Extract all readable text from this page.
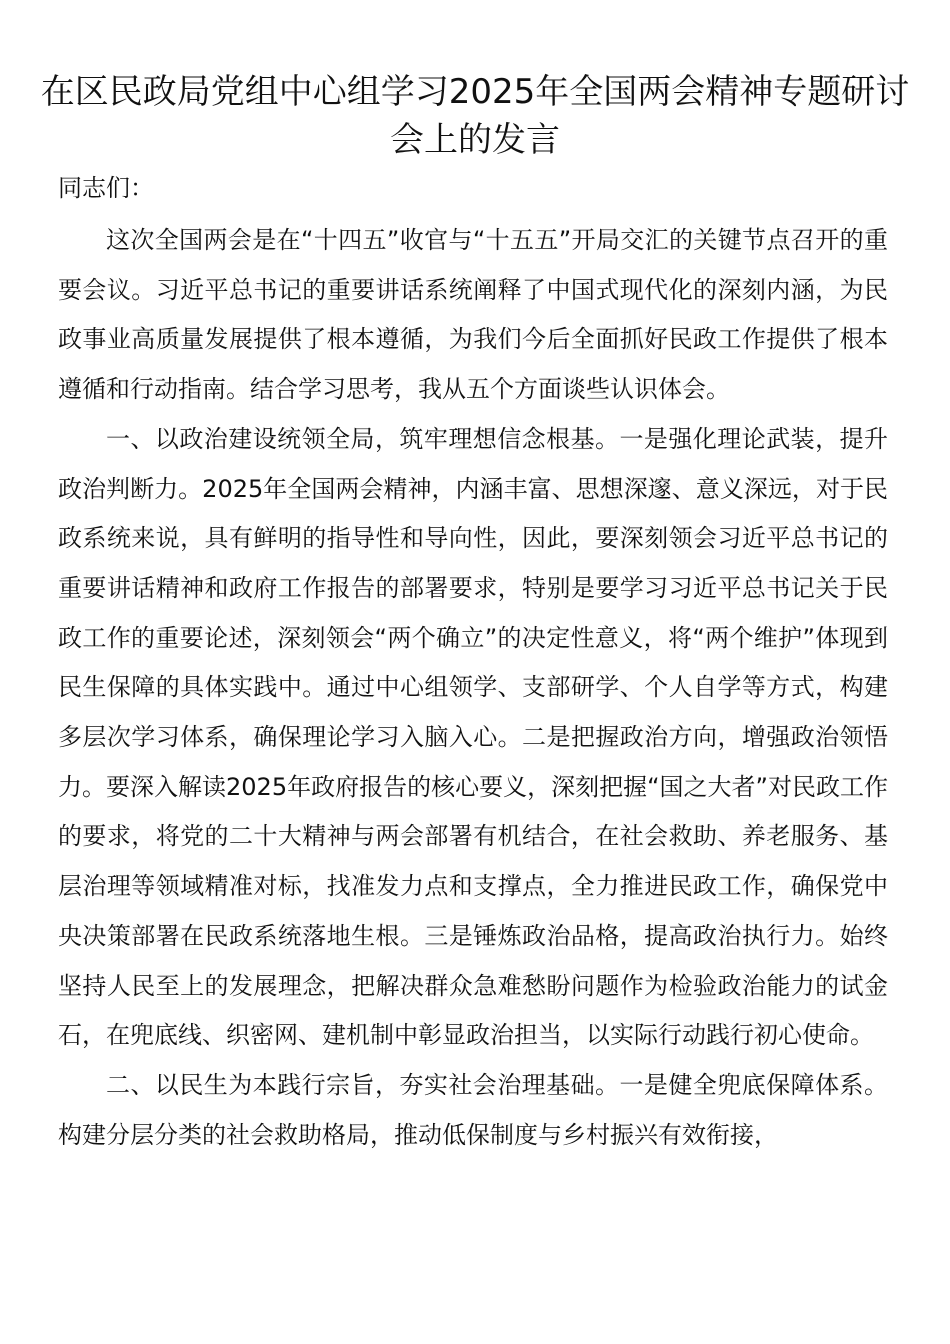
在区民政局党组中心组学习2025年全国两会精神专题研讨会上的发言

同志们：

这次全国两会是在“十四五”收官与“十五五”开局交汇的关键节点召开的重要会议。习近平总书记的重要讲话系统阐释了中国式现代化的深刻内涵，为民政事业高质量发展提供了根本遵循，为我们今后全面抓好民政工作提供了根本遵循和行动指南。结合学习思考，我从五个方面谈些认识体会。

一、以政治建设统领全局，筑牢理想信念根基。一是强化理论武装，提升政治判断力。2025年全国两会精神，内涵丰富、思想深邃、意义深远，对于民政系统来说，具有鲜明的指导性和导向性，因此，要深刻领会习近平总书记的重要讲话精神和政府工作报告的部署要求，特别是要学习习近平总书记关于民政工作的重要论述，深刻领会“两个确立”的决定性意义，将“两个维护”体现到民生保障的具体实践中。通过中心组领学、支部研学、个人自学等方式，构建多层次学习体系，确保理论学习入脑入心。二是把握政治方向，增强政治领悟力。要深入解读2025年政府报告的核心要义，深刻把握“国之大者”对民政工作的要求，将党的二十大精神与两会部署有机结合，在社会救助、养老服务、基层治理等领域精准对标，找准发力点和支撑点，全力推进民政工作，确保党中央决策部署在民政系统落地生根。三是锤炼政治品格，提高政治执行力。始终坚持人民至上的发展理念，把解决群众急难愁盼问题作为检验政治能力的试金石，在兜底线、织密网、建机制中彰显政治担当，以实际行动践行初心使命。

二、以民生为本践行宗旨，夯实社会治理基础。一是健全兜底保障体系。构建分层分类的社会救助格局，推动低保制度与乡村振兴有效衔接，
